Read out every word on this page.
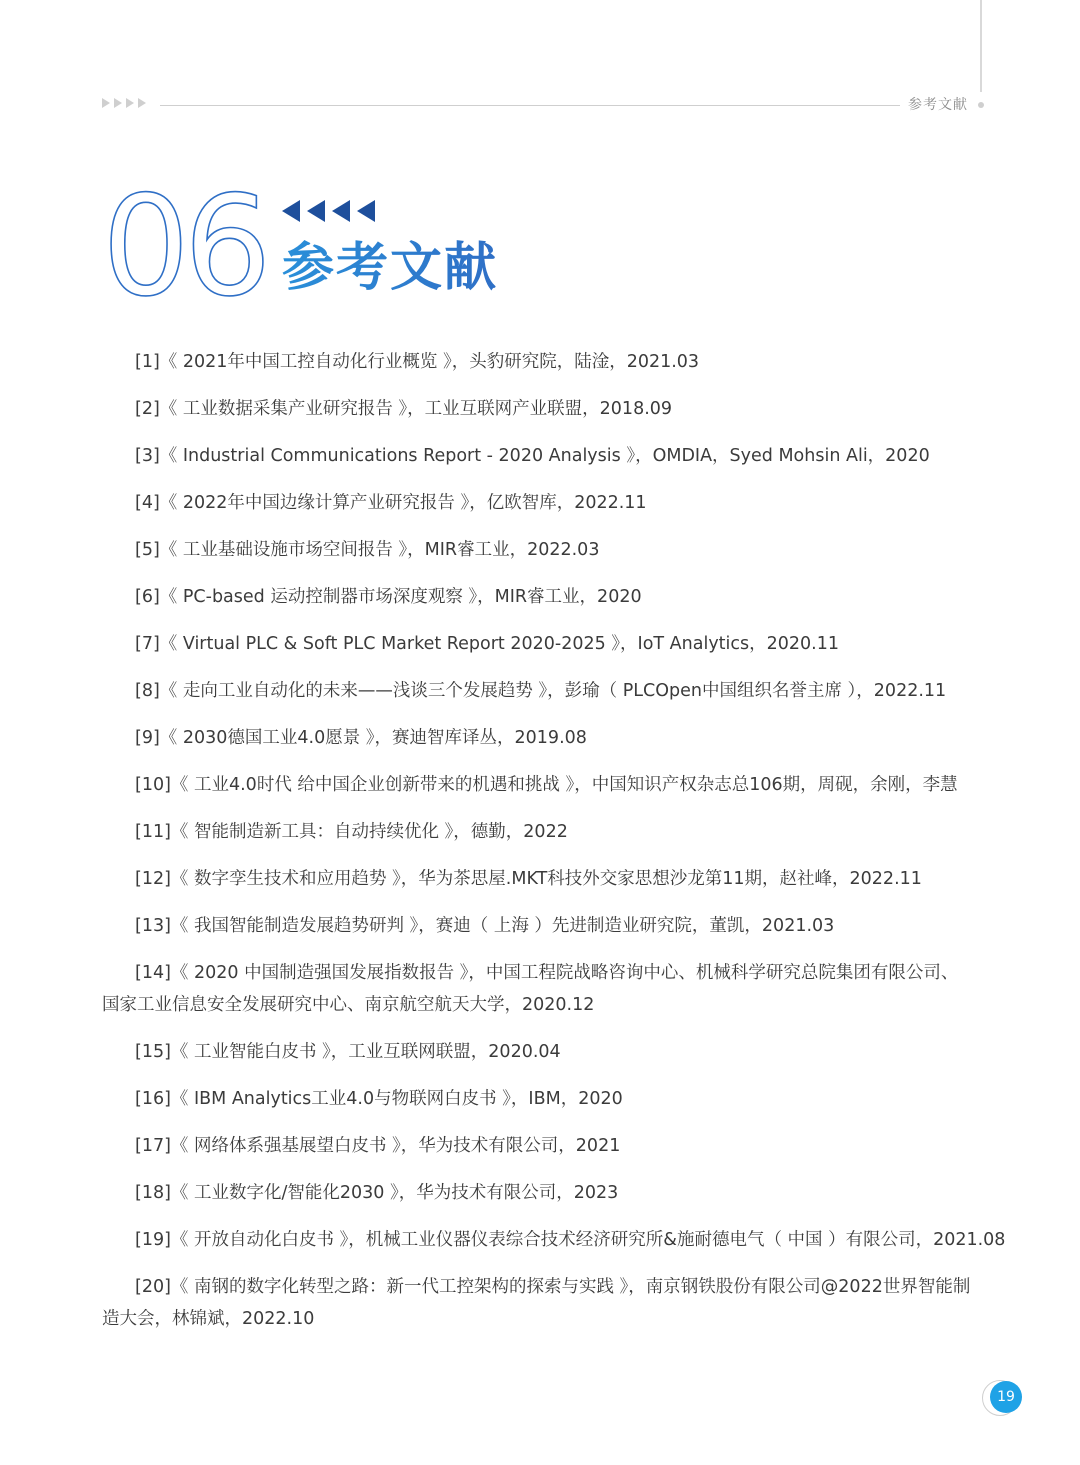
参考文献
06 参考文献
[1]《 2021年中国工控自动化行业概览 》，头豹研究院，陆淦，2021.03
[2]《 工业数据采集产业研究报告 》，工业互联网产业联盟，2018.09
[3]《 Industrial Communications Report - 2020 Analysis 》，OMDIA，Syed Mohsin Ali，2020
[4]《 2022年中国边缘计算产业研究报告 》，亿欧智库，2022.11
[5]《 工业基础设施市场空间报告 》，MIR睿工业，2022.03
[6]《 PC-based 运动控制器市场深度观察 》，MIR睿工业，2020
[7]《 Virtual PLC & Soft PLC Market Report 2020-2025 》，IoT Analytics，2020.11
[8]《 走向工业自动化的未来——浅谈三个发展趋势 》，彭瑜（ PLCOpen中国组织名誉主席 ），2022.11
[9]《 2030德国工业4.0愿景 》，赛迪智库译丛，2019.08
[10]《 工业4.0时代 给中国企业创新带来的机遇和挑战 》，中国知识产权杂志总106期，周砚，余刚，李慧
[11]《 智能制造新工具：自动持续优化 》，德勤，2022
[12]《 数字孪生技术和应用趋势 》，华为茶思屋.MKT科技外交家思想沙龙第11期，赵社峰，2022.11
[13]《 我国智能制造发展趋势研判 》，赛迪（ 上海 ）先进制造业研究院，董凯，2021.03
[14]《 2020 中国制造强国发展指数报告 》，中国工程院战略咨询中心、机械科学研究总院集团有限公司、国家工业信息安全发展研究中心、南京航空航天大学，2020.12
[15]《 工业智能白皮书 》，工业互联网联盟，2020.04
[16]《 IBM Analytics工业4.0与物联网白皮书 》，IBM，2020
[17]《 网络体系强基展望白皮书 》，华为技术有限公司，2021
[18]《 工业数字化/智能化2030 》，华为技术有限公司，2023
[19]《 开放自动化白皮书 》，机械工业仪器仪表综合技术经济研究所&施耐德电气（ 中国 ）有限公司，2021.08
[20]《 南钢的数字化转型之路：新一代工控架构的探索与实践 》，南京钢铁股份有限公司@2022世界智能制造大会，林锦斌，2022.10
19
